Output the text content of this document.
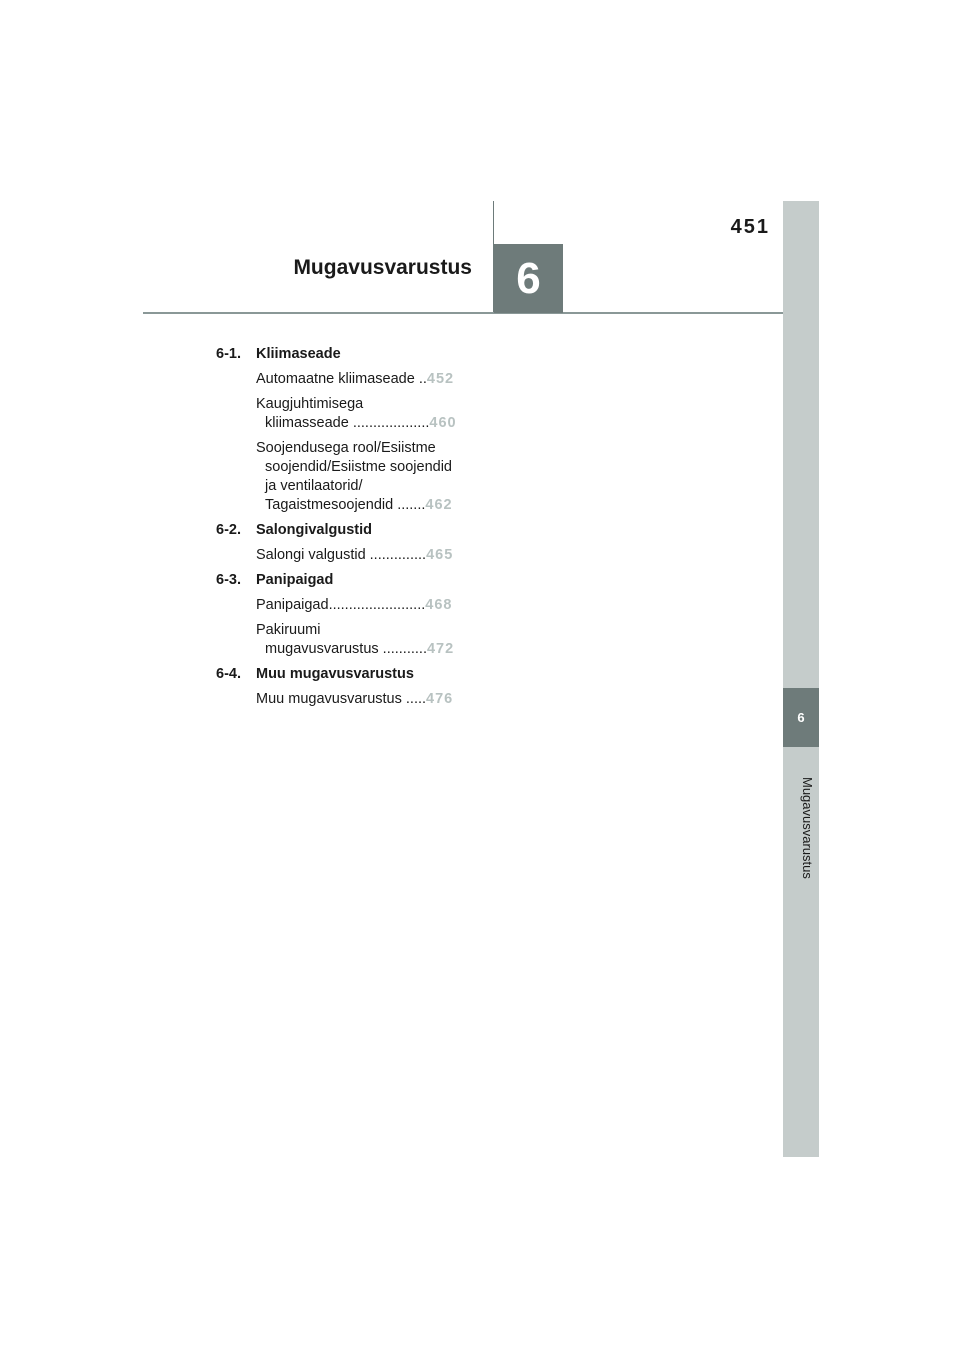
451
Mugavusvarustus	6
6
Mugavusvarustus
6-1.	Kliimaseade
Automaatne kliimaseade ..452
Kaugjuhtimisega
kliimasseade ...................460
Soojendusega rool/Esiistme
soojendid/Esiistme soojendid
ja ventilaatorid/
Tagaistmesoojendid .......462
6-2.	Salongivalgustid
Salongi valgustid ..............465
6-3.	Panipaigad
Panipaigad........................468
Pakiruumi
mugavusvarustus ...........472
6-4.	Muu mugavusvarustus
Muu mugavusvarustus .....476
